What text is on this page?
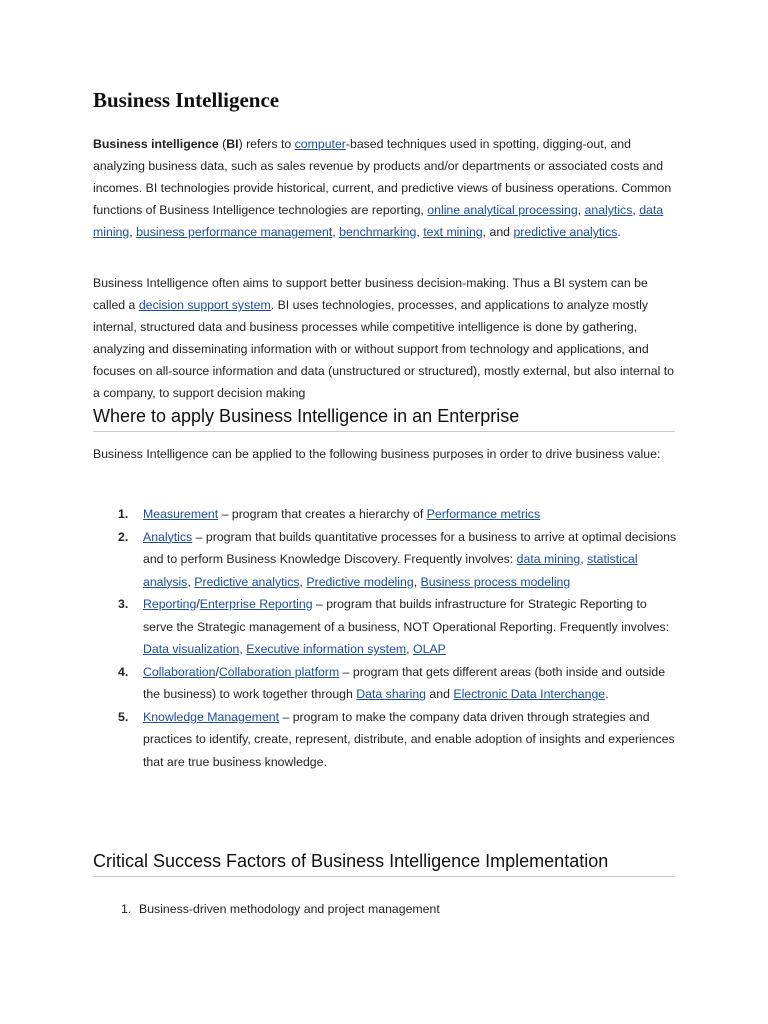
Business Intelligence

Business intelligence (BI) refers to computer-based techniques used in spotting, digging-out, and analyzing business data, such as sales revenue by products and/or departments or associated costs and incomes. BI technologies provide historical, current, and predictive views of business operations. Common functions of Business Intelligence technologies are reporting, online analytical processing, analytics, data mining, business performance management, benchmarking, text mining, and predictive analytics.

Business Intelligence often aims to support better business decision-making. Thus a BI system can be called a decision support system. BI uses technologies, processes, and applications to analyze mostly internal, structured data and business processes while competitive intelligence is done by gathering, analyzing and disseminating information with or without support from technology and applications, and focuses on all-source information and data (unstructured or structured), mostly external, but also internal to a company, to support decision making

Where to apply Business Intelligence in an Enterprise

Business Intelligence can be applied to the following business purposes in order to drive business value:

1. Measurement – program that creates a hierarchy of Performance metrics
2. Analytics – program that builds quantitative processes for a business to arrive at optimal decisions and to perform Business Knowledge Discovery. Frequently involves: data mining, statistical analysis, Predictive analytics, Predictive modeling, Business process modeling
3. Reporting/Enterprise Reporting – program that builds infrastructure for Strategic Reporting to serve the Strategic management of a business, NOT Operational Reporting. Frequently involves: Data visualization, Executive information system, OLAP
4. Collaboration/Collaboration platform – program that gets different areas (both inside and outside the business) to work together through Data sharing and Electronic Data Interchange.
5. Knowledge Management – program to make the company data driven through strategies and practices to identify, create, represent, distribute, and enable adoption of insights and experiences that are true business knowledge.
Critical Success Factors of Business Intelligence Implementation
1. Business-driven methodology and project management
